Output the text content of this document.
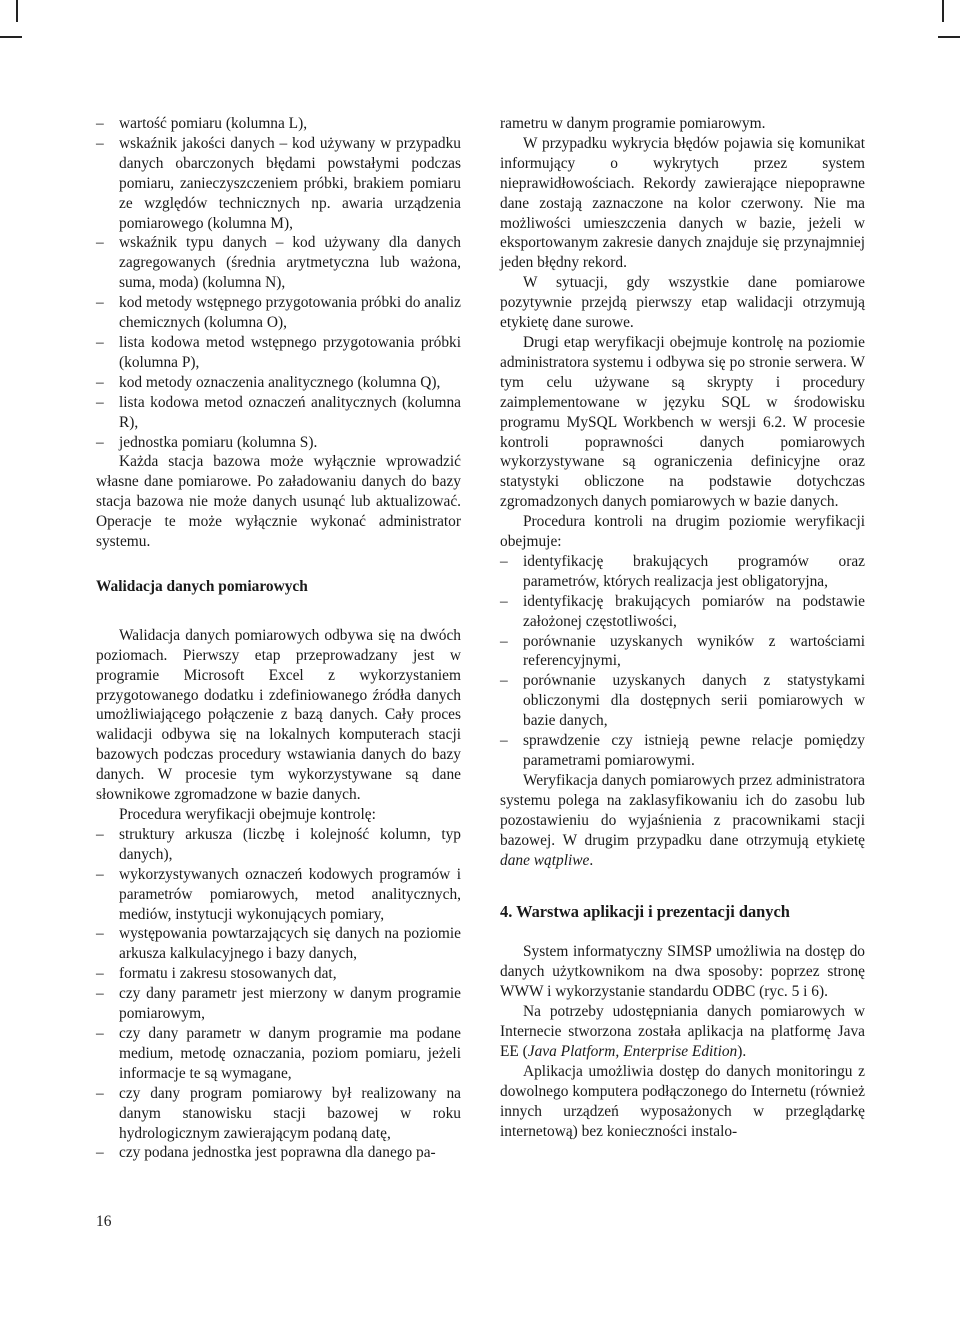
– wartość pomiaru (kolumna L),
– wskaźnik jakości danych – kod używany w przypadku danych obarczonych błędami powstałymi podczas pomiaru, zanieczyszczeniem próbki, brakiem pomiaru ze względów technicznych np. awaria urządzenia pomiarowego (kolumna M),
– wskaźnik typu danych – kod używany dla danych zagregowanych (średnia arytmetyczna lub ważona, suma, moda) (kolumna N),
– kod metody wstępnego przygotowania próbki do analiz chemicznych (kolumna O),
– lista kodowa metod wstępnego przygotowania próbki (kolumna P),
– kod metody oznaczenia analitycznego (kolumna Q),
– lista kodowa metod oznaczeń analitycznych (kolumna R),
– jednostka pomiaru (kolumna S).
Każda stacja bazowa może wyłącznie wprowadzić własne dane pomiarowe. Po załadowaniu danych do bazy stacja bazowa nie może danych usunąć lub aktualizować. Operacje te może wyłącznie wykonać administrator systemu.
Walidacja danych pomiarowych
Walidacja danych pomiarowych odbywa się na dwóch poziomach. Pierwszy etap przeprowadzany jest w programie Microsoft Excel z wykorzystaniem przygotowanego dodatku i zdefiniowanego źródła danych umożliwiającego połączenie z bazą danych. Cały proces walidacji odbywa się na lokalnych komputerach stacji bazowych podczas procedury wstawiania danych do bazy danych. W procesie tym wykorzystywane są dane słownikowe zgromadzone w bazie danych.
Procedura weryfikacji obejmuje kontrolę:
– struktury arkusza (liczbę i kolejność kolumn, typ danych),
– wykorzystywanych oznaczeń kodowych programów i parametrów pomiarowych, metod analitycznych, mediów, instytucji wykonujących pomiary,
– występowania powtarzających się danych na poziomie arkusza kalkulacyjnego i bazy danych,
– formatu i zakresu stosowanych dat,
– czy dany parametr jest mierzony w danym programie pomiarowym,
– czy dany parametr w danym programie ma podane medium, metodę oznaczania, poziom pomiaru, jeżeli informacje te są wymagane,
– czy dany program pomiarowy był realizowany na danym stanowisku stacji bazowej w roku hydrologicznym zawierającym podaną datę,
– czy podana jednostka jest poprawna dla danego pa-
rametru w danym programie pomiarowym.
W przypadku wykrycia błędów pojawia się komunikat informujący o wykrytych przez system nieprawidłowościach. Rekordy zawierające niepoprawne dane zostają zaznaczone na kolor czerwony. Nie ma możliwości umieszczenia danych w bazie, jeżeli w eksportowanym zakresie danych znajduje się przynajmniej jeden błędny rekord.
W sytuacji, gdy wszystkie dane pomiarowe pozytywnie przejdą pierwszy etap walidacji otrzymują etykietę dane surowe.
Drugi etap weryfikacji obejmuje kontrolę na poziomie administratora systemu i odbywa się po stronie serwera. W tym celu używane są skrypty i procedury zaimplementowane w języku SQL w środowisku programu MySQL Workbench w wersji 6.2. W procesie kontroli poprawności danych pomiarowych wykorzystywane są ograniczenia definicyjne oraz statystyki obliczone na podstawie dotychczas zgromadzonych danych pomiarowych w bazie danych.
Procedura kontroli na drugim poziomie weryfikacji obejmuje:
– identyfikację brakujących programów oraz parametrów, których realizacja jest obligatoryjna,
– identyfikację brakujących pomiarów na podstawie założonej częstotliwości,
– porównanie uzyskanych wyników z wartościami referencyjnymi,
– porównanie uzyskanych danych z statystykami obliczonymi dla dostępnych serii pomiarowych w bazie danych,
– sprawdzenie czy istnieją pewne relacje pomiędzy parametrami pomiarowymi.
Weryfikacja danych pomiarowych przez administratora systemu polega na zaklasyfikowaniu ich do zasobu lub pozostawieniu do wyjaśnienia z pracownikami stacji bazowej. W drugim przypadku dane otrzymują etykietę dane wątpliwe.
4. Warstwa aplikacji i prezentacji danych
System informatyczny SIMSP umożliwia na dostęp do danych użytkownikom na dwa sposoby: poprzez stronę WWW i wykorzystanie standardu ODBC (ryc. 5 i 6).
Na potrzeby udostępniania danych pomiarowych w Internecie stworzona została aplikacja na platformę Java EE (Java Platform, Enterprise Edition).
Aplikacja umożliwia dostęp do danych monitoringu z dowolnego komputera podłączonego do Internetu (również innych urządzeń wyposażonych w przeglądarkę internetową) bez konieczności instalo-
16
